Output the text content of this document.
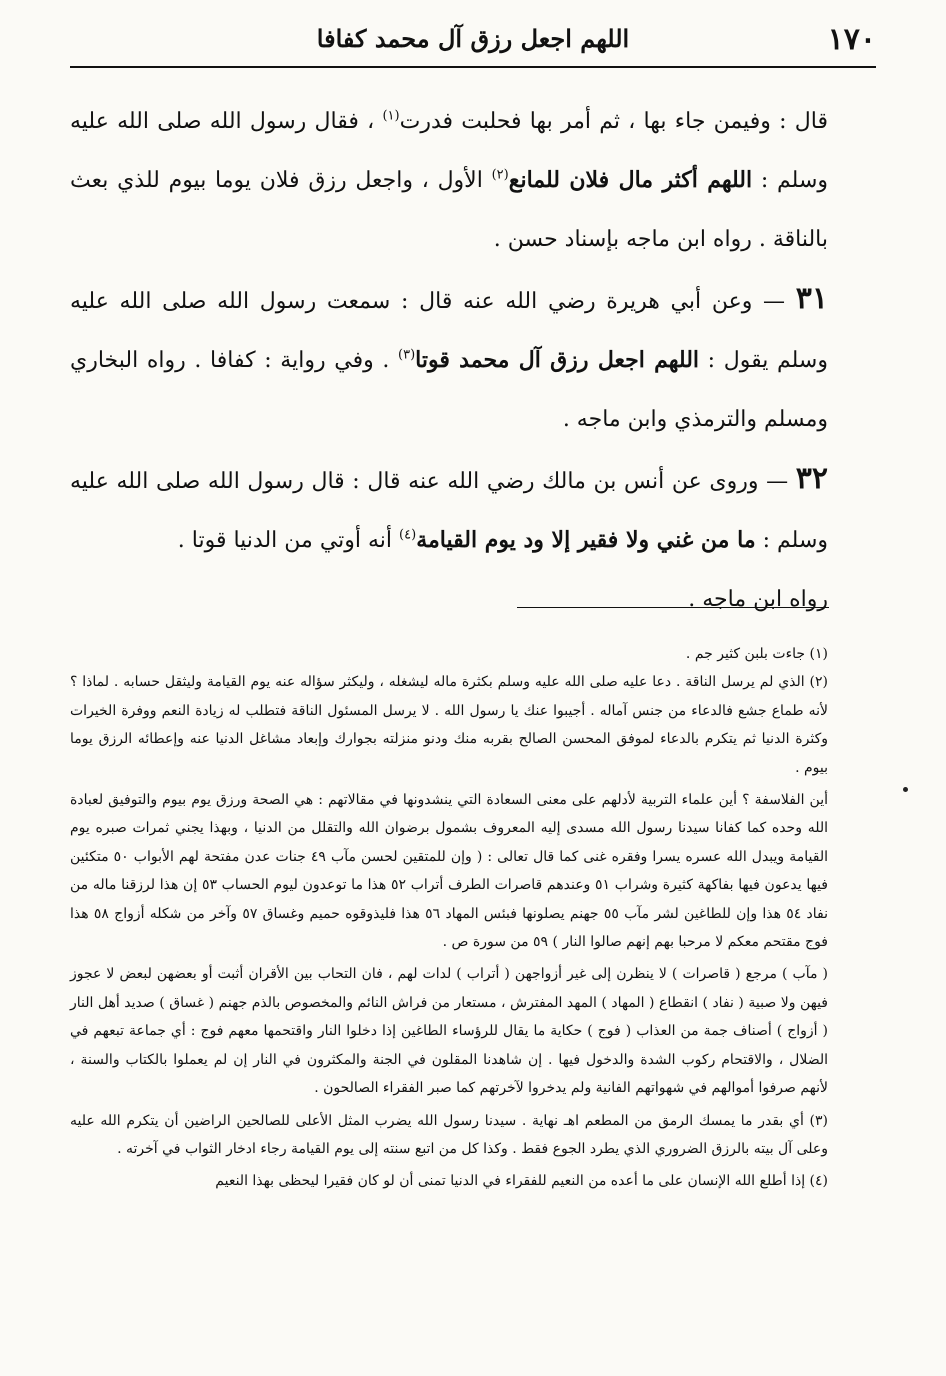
١٧٠
اللهم اجعل رزق آل محمد كفافا

قال : وفيمن جاء بها ، ثم أمر بها فحلبت فدرت$^{(١)}$ ، فقال رسول الله صلى الله عليه وسلم : اللهم أكثر مال فلان للمانع$^{(٢)}$ الأول ، واجعل رزق فلان يوما بيوم للذي بعث بالناقة . رواه ابن ماجه بإسناد حسن .

٣١ — وعن أبي هريرة رضي الله عنه قال : سمعت رسول الله صلى الله عليه وسلم يقول : اللهم اجعل رزق آل محمد قوتا$^{(٣)}$ . وفي رواية : كفافا . رواه البخاري ومسلم والترمذي وابن ماجه .

٣٢ — وروى عن أنس بن مالك رضي الله عنه قال : قال رسول الله صلى الله عليه وسلم : ما من غني ولا فقير إلا ود يوم القيامة$^{(٤)}$ أنه أوتي من الدنيا قوتا .
رواه ابن ماجه .

(١) جاءت بلبن كثير جم .

(٢) الذي لم يرسل الناقة . دعا عليه صلى الله عليه وسلم بكثرة ماله ليشغله ، وليكثر سؤاله عنه يوم القيامة وليثقل حسابه . لماذا ؟ لأنه طماع جشع فالدعاء من جنس آماله . أجيبوا عنك يا رسول الله . لا يرسل المسئول الناقة فتطلب له زيادة النعم ووفرة الخيرات وكثرة الدنيا ثم يتكرم بالدعاء لموفق المحسن الصالح بقربه منك ودنو منزلته بجوارك وإبعاد مشاغل الدنيا عنه وإعطائه الرزق يوما بيوم .

أين الفلاسفة ؟ أين علماء التربية لأدلهم على معنى السعادة التي ينشدونها في مقالاتهم : هي الصحة ورزق يوم بيوم والتوفيق لعبادة الله وحده كما كفانا سيدنا رسول الله مسدى إليه المعروف بشمول برضوان الله والتقلل من الدنيا ، وبهذا يجني ثمرات صبره يوم القيامة ويبدل الله عسره يسرا وفقره غنى كما قال تعالى : ( وإن للمتقين لحسن مآب ٤٩ جنات عدن مفتحة لهم الأبواب ٥٠ متكئين فيها يدعون فيها بفاكهة كثيرة وشراب ٥١ وعندهم قاصرات الطرف أتراب ٥٢ هذا ما توعدون ليوم الحساب ٥٣ إن هذا لرزقنا ماله من نفاد ٥٤ هذا وإن للطاغين لشر مآب ٥٥ جهنم يصلونها فبئس المهاد ٥٦ هذا فليذوقوه حميم وغساق ٥٧ وآخر من شكله أزواج ٥٨ هذا فوج مقتحم معكم لا مرحبا بهم إنهم صالوا النار ) ٥٩ من سورة ص .

( مآب ) مرجع ( قاصرات ) لا ينظرن إلى غير أزواجهن ( أتراب ) لدات لهم ، فان التحاب بين الأقران أثبت أو بعضهن لبعض لا عجوز فيهن ولا صبية ( نفاد ) انقطاع ( المهاد ) المهد المفترش ، مستعار من فراش النائم والمخصوص بالذم جهنم ( غساق ) صديد أهل النار ( أزواج ) أصناف جمة من العذاب ( فوج ) حكاية ما يقال للرؤساء الطاغين إذا دخلوا النار واقتحمها معهم فوج : أي جماعة تبعهم في الضلال ، والاقتحام ركوب الشدة والدخول فيها . إن شاهدنا المقلون في الجنة والمكثرون في النار إن لم يعملوا بالكتاب والسنة ، لأنهم صرفوا أموالهم في شهواتهم الفانية ولم يدخروا لآخرتهم كما صبر الفقراء الصالحون .

(٣) أي بقدر ما يمسك الرمق من المطعم اهـ نهاية . سيدنا رسول الله يضرب المثل الأعلى للصالحين الراضين أن يتكرم الله عليه وعلى آل بيته بالرزق الضروري الذي يطرد الجوع فقط . وكذا كل من اتبع سنته إلى يوم القيامة رجاء ادخار الثواب في آخرته .

(٤) إذا أطلع الله الإنسان على ما أعده من النعيم للفقراء في الدنيا تمنى أن لو كان فقيرا ليحظى بهذا النعيم
